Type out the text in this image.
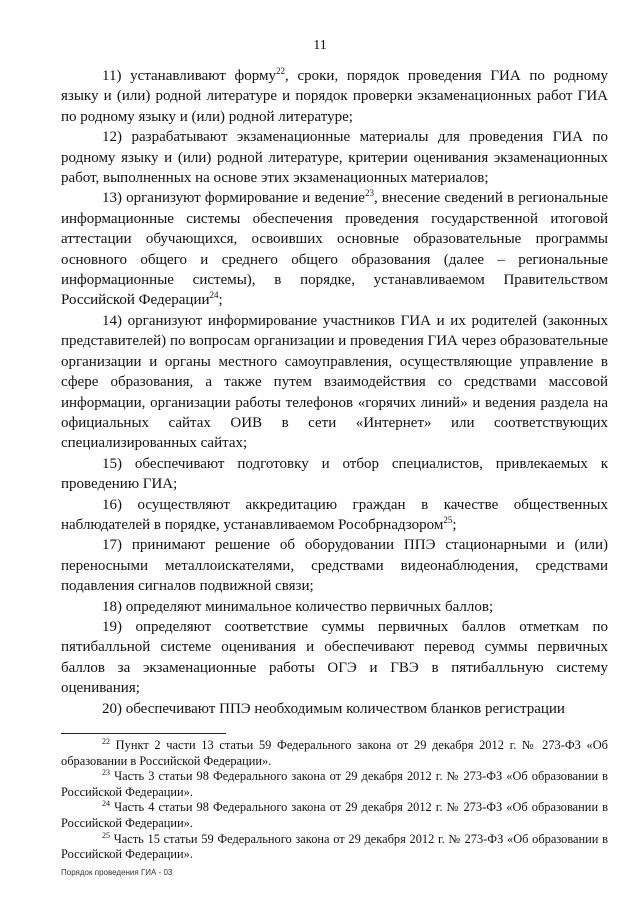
11

11) устанавливают форму$^{22}$, сроки, порядок проведения ГИА по родному языку и (или) родной литературе и порядок проверки экзаменационных работ ГИА по родному языку и (или) родной литературе;

12) разрабатывают экзаменационные материалы для проведения ГИА по родному языку и (или) родной литературе, критерии оценивания экзаменационных работ, выполненных на основе этих экзаменационных материалов;

13) организуют формирование и ведение$^{23}$, внесение сведений в региональные информационные системы обеспечения проведения государственной итоговой аттестации обучающихся, освоивших основные образовательные программы основного общего и среднего общего образования (далее – региональные информационные системы), в порядке, устанавливаемом Правительством Российской Федерации$^{24}$;

14) организуют информирование участников ГИА и их родителей (законных представителей) по вопросам организации и проведения ГИА через образовательные организации и органы местного самоуправления, осуществляющие управление в сфере образования, а также путем взаимодействия со средствами массовой информации, организации работы телефонов «горячих линий» и ведения раздела на официальных сайтах ОИВ в сети «Интернет» или соответствующих специализированных сайтах;

15) обеспечивают подготовку и отбор специалистов, привлекаемых к проведению ГИА;

16) осуществляют аккредитацию граждан в качестве общественных наблюдателей в порядке, устанавливаемом Рособрнадзором$^{25}$;

17) принимают решение об оборудовании ППЭ стационарными и (или) переносными металлоискателями, средствами видеонаблюдения, средствами подавления сигналов подвижной связи;

18) определяют минимальное количество первичных баллов;

19) определяют соответствие суммы первичных баллов отметкам по пятибалльной системе оценивания и обеспечивают перевод суммы первичных баллов за экзаменационные работы ОГЭ и ГВЭ в пятибалльную систему оценивания;

20) обеспечивают ППЭ необходимым количеством бланков регистрации

$^{22}$ Пункт 2 части 13 статьи 59 Федерального закона от 29 декабря 2012 г. № 273-ФЗ «Об образовании в Российской Федерации».

$^{23}$ Часть 3 статьи 98 Федерального закона от 29 декабря 2012 г. № 273-ФЗ «Об образовании в Российской Федерации».

$^{24}$ Часть 4 статьи 98 Федерального закона от 29 декабря 2012 г. № 273-ФЗ «Об образовании в Российской Федерации».

$^{25}$ Часть 15 статьи 59 Федерального закона от 29 декабря 2012 г. № 273-ФЗ «Об образовании в Российской Федерации».

Порядок проведения ГИА - 03
